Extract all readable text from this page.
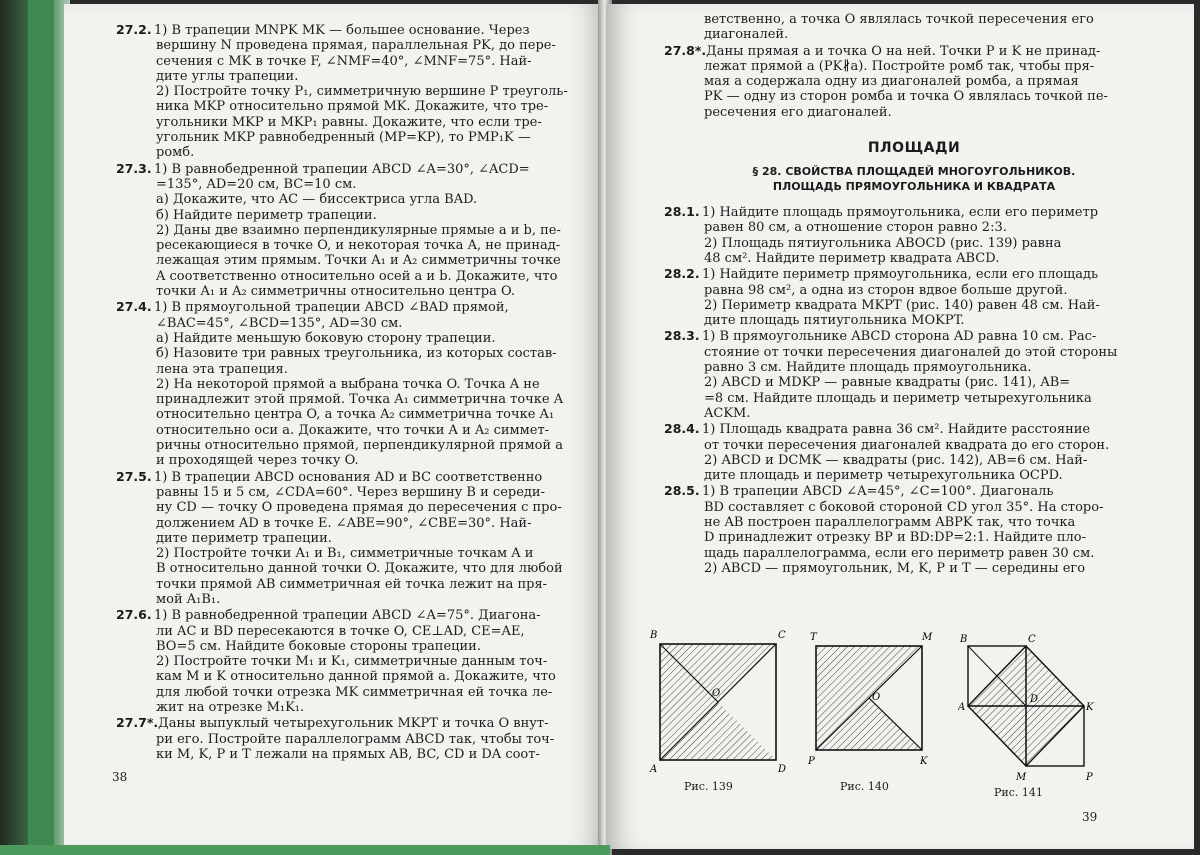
27.2. 1) В трапеции MNPK MK — большее основание. Через
вершину N проведена прямая, параллельная PK, до пере-
сечения с MK в точке F, ∠NMF=40°, ∠MNF=75°. Най-
дите углы трапеции.
2) Постройте точку P₁, симметричную вершине P треуголь-
ника MKP относительно прямой MK. Докажите, что тре-
угольники MKP и MKP₁ равны. Докажите, что если тре-
угольник MKP равнобедренный (MP=KP), то PMP₁K —
ромб.
27.3. 1) В равнобедренной трапеции ABCD ∠A=30°, ∠ACD=
=135°, AD=20 см, BC=10 см.
а) Докажите, что AC — биссектриса угла BAD.
б) Найдите периметр трапеции.
2) Даны две взаимно перпендикулярные прямые a и b, пе-
ресекающиеся в точке O, и некоторая точка A, не принад-
лежащая этим прямым. Точки A₁ и A₂ симметричны точке
A соответственно относительно осей a и b. Докажите, что
точки A₁ и A₂ симметричны относительно центра O.
27.4. 1) В прямоугольной трапеции ABCD ∠BAD прямой,
∠BAC=45°, ∠BCD=135°, AD=30 см.
а) Найдите меньшую боковую сторону трапеции.
б) Назовите три равных треугольника, из которых состав-
лена эта трапеция.
2) На некоторой прямой a выбрана точка O. Точка A не
принадлежит этой прямой. Точка A₁ симметрична точке A
относительно центра O, а точка A₂ симметрична точке A₁
относительно оси a. Докажите, что точки A и A₂ симмет-
ричны относительно прямой, перпендикулярной прямой a
и проходящей через точку O.
27.5. 1) В трапеции ABCD основания AD и BC соответственно
равны 15 и 5 см, ∠CDA=60°. Через вершину B и середи-
ну CD — точку O проведена прямая до пересечения с про-
должением AD в точке E. ∠ABE=90°, ∠CBE=30°. Най-
дите периметр трапеции.
2) Постройте точки A₁ и B₁, симметричные точкам A и
B относительно данной точки O. Докажите, что для любой
точки прямой AB симметричная ей точка лежит на пря-
мой A₁B₁.
27.6. 1) В равнобедренной трапеции ABCD ∠A=75°. Диагона-
ли AC и BD пересекаются в точке O, CE⊥AD, CE=AE,
BO=5 см. Найдите боковые стороны трапеции.
2) Постройте точки M₁ и K₁, симметричные данным точ-
кам M и K относительно данной прямой a. Докажите, что
для любой точки отрезка MK симметричная ей точка ле-
жит на отрезке M₁K₁.
27.7*.Даны выпуклый четырехугольник MKPT и точка O внут-
ри его. Постройте параллелограмм ABCD так, чтобы точ-
ки M, K, P и T лежали на прямых AB, BC, CD и DA соот-
38
ветственно, а точка O являлась точкой пересечения его
диагоналей.
27.8*.Даны прямая a и точка O на ней. Точки P и K не принад-
лежат прямой a (PK∦a). Постройте ромб так, чтобы пря-
мая a содержала одну из диагоналей ромба, а прямая
PK — одну из сторон ромба и точка O являлась точкой пе-
ресечения его диагоналей.
ПЛОЩАДИ
§ 28. СВОЙСТВА ПЛОЩАДЕЙ МНОГОУГОЛЬНИКОВ.
ПЛОЩАДЬ ПРЯМОУГОЛЬНИКА И КВАДРАТА
28.1. 1) Найдите площадь прямоугольника, если его периметр
равен 80 см, а отношение сторон равно 2:3.
2) Площадь пятиугольника ABOCD (рис. 139) равна
48 см². Найдите периметр квадрата ABCD.
28.2. 1) Найдите периметр прямоугольника, если его площадь
равна 98 см², а одна из сторон вдвое больше другой.
2) Периметр квадрата MKPT (рис. 140) равен 48 см. Най-
дите площадь пятиугольника MOKPT.
28.3. 1) В прямоугольнике ABCD сторона AD равна 10 см. Рас-
стояние от точки пересечения диагоналей до этой стороны
равно 3 см. Найдите площадь прямоугольника.
2) ABCD и MDKP — равные квадраты (рис. 141), AB=
=8 см. Найдите площадь и периметр четырехугольника
ACKM.
28.4. 1) Площадь квадрата равна 36 см². Найдите расстояние
от точки пересечения диагоналей квадрата до его сторон.
2) ABCD и DCMK — квадраты (рис. 142), AB=6 см. Най-
дите площадь и периметр четырехугольника OCPD.
28.5. 1) В трапеции ABCD ∠A=45°, ∠C=100°. Диагональ
BD составляет с боковой стороной CD угол 35°. На сторо-
не AB построен параллелограмм ABPK так, что точка
D принадлежит отрезку BP и BD:DP=2:1. Найдите пло-
щадь параллелограмма, если его периметр равен 30 см.
2) ABCD — прямоугольник, M, K, P и T — середины его
B	C
O
A	D
Рис. 139
T	M
O
P	K
Рис. 140
B	C
D
A	K
M	P
Рис. 141
39
